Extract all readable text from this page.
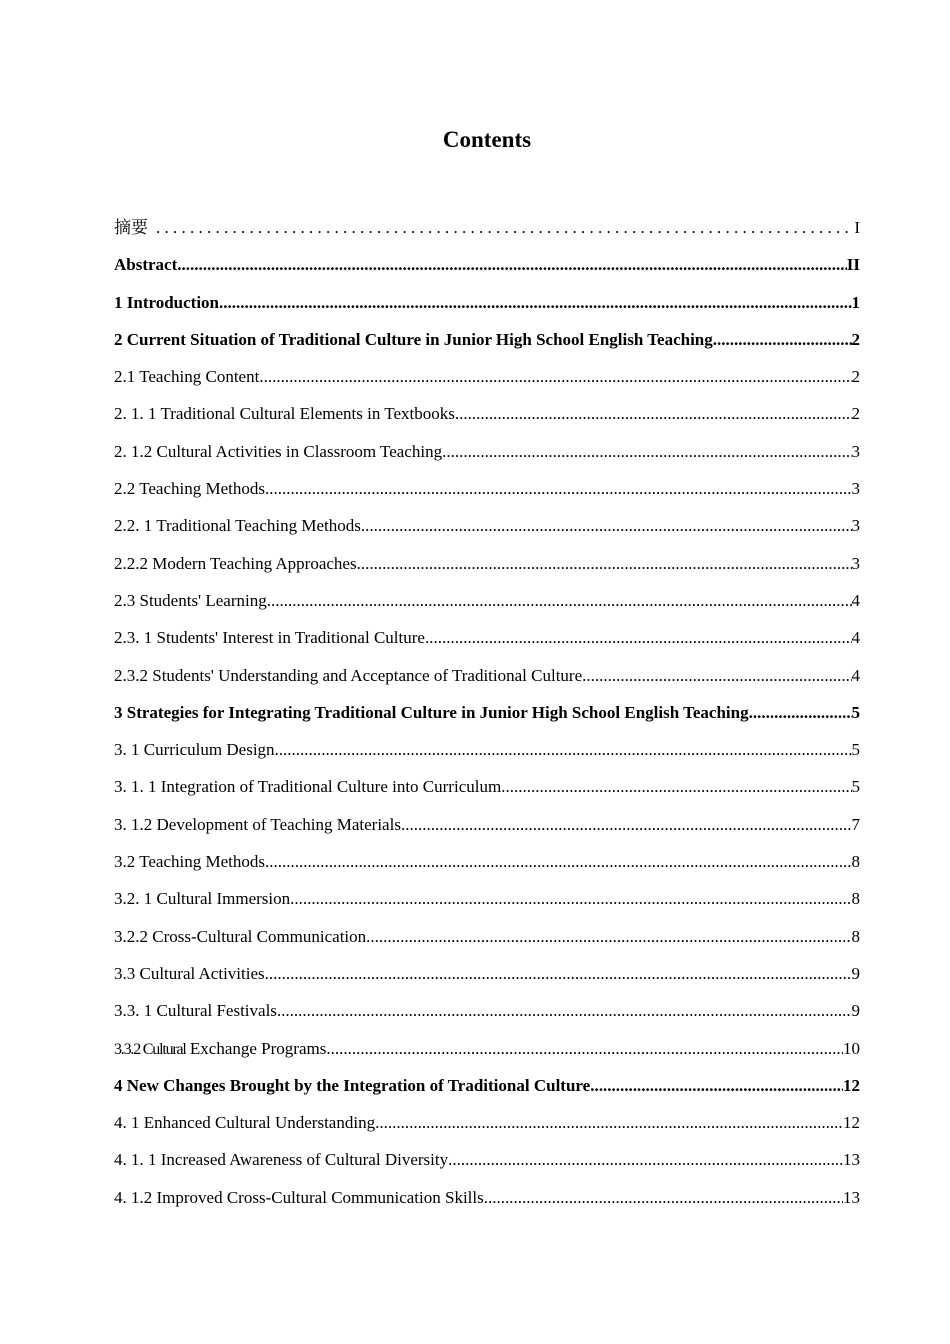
Contents
摘要 . . .	I
Abstract .....	II
1 Introduction .....	1
2 Current Situation of Traditional Culture in Junior High School English Teaching .....	2
2.1 Teaching Content .....	2
2. 1. 1 Traditional Cultural Elements in Textbooks .....	2
2. 1.2 Cultural Activities in Classroom Teaching .....	3
2.2 Teaching Methods .....	3
2.2. 1 Traditional Teaching Methods .....	3
2.2.2 Modern Teaching Approaches .....	3
2.3 Students' Learning .....	4
2.3. 1 Students' Interest in Traditional Culture .....	4
2.3.2 Students' Understanding and Acceptance of Traditional Culture .....	4
3 Strategies for Integrating Traditional Culture in Junior High School English Teaching .....	5
3. 1 Curriculum Design .....	5
3. 1. 1 Integration of Traditional Culture into Curriculum .....	5
3. 1.2 Development of Teaching Materials .....	7
3.2 Teaching Methods .....	8
3.2. 1 Cultural Immersion .....	8
3.2.2 Cross-Cultural Communication .....	8
3.3 Cultural Activities .....	9
3.3. 1 Cultural Festivals .....	9
3.3.2 Cultural Exchange Programs .....	10
4 New Changes Brought by the Integration of Traditional Culture .....	12
4. 1 Enhanced Cultural Understanding .....	12
4. 1. 1 Increased Awareness of Cultural Diversity .....	13
4. 1.2 Improved Cross-Cultural Communication Skills .....	13
